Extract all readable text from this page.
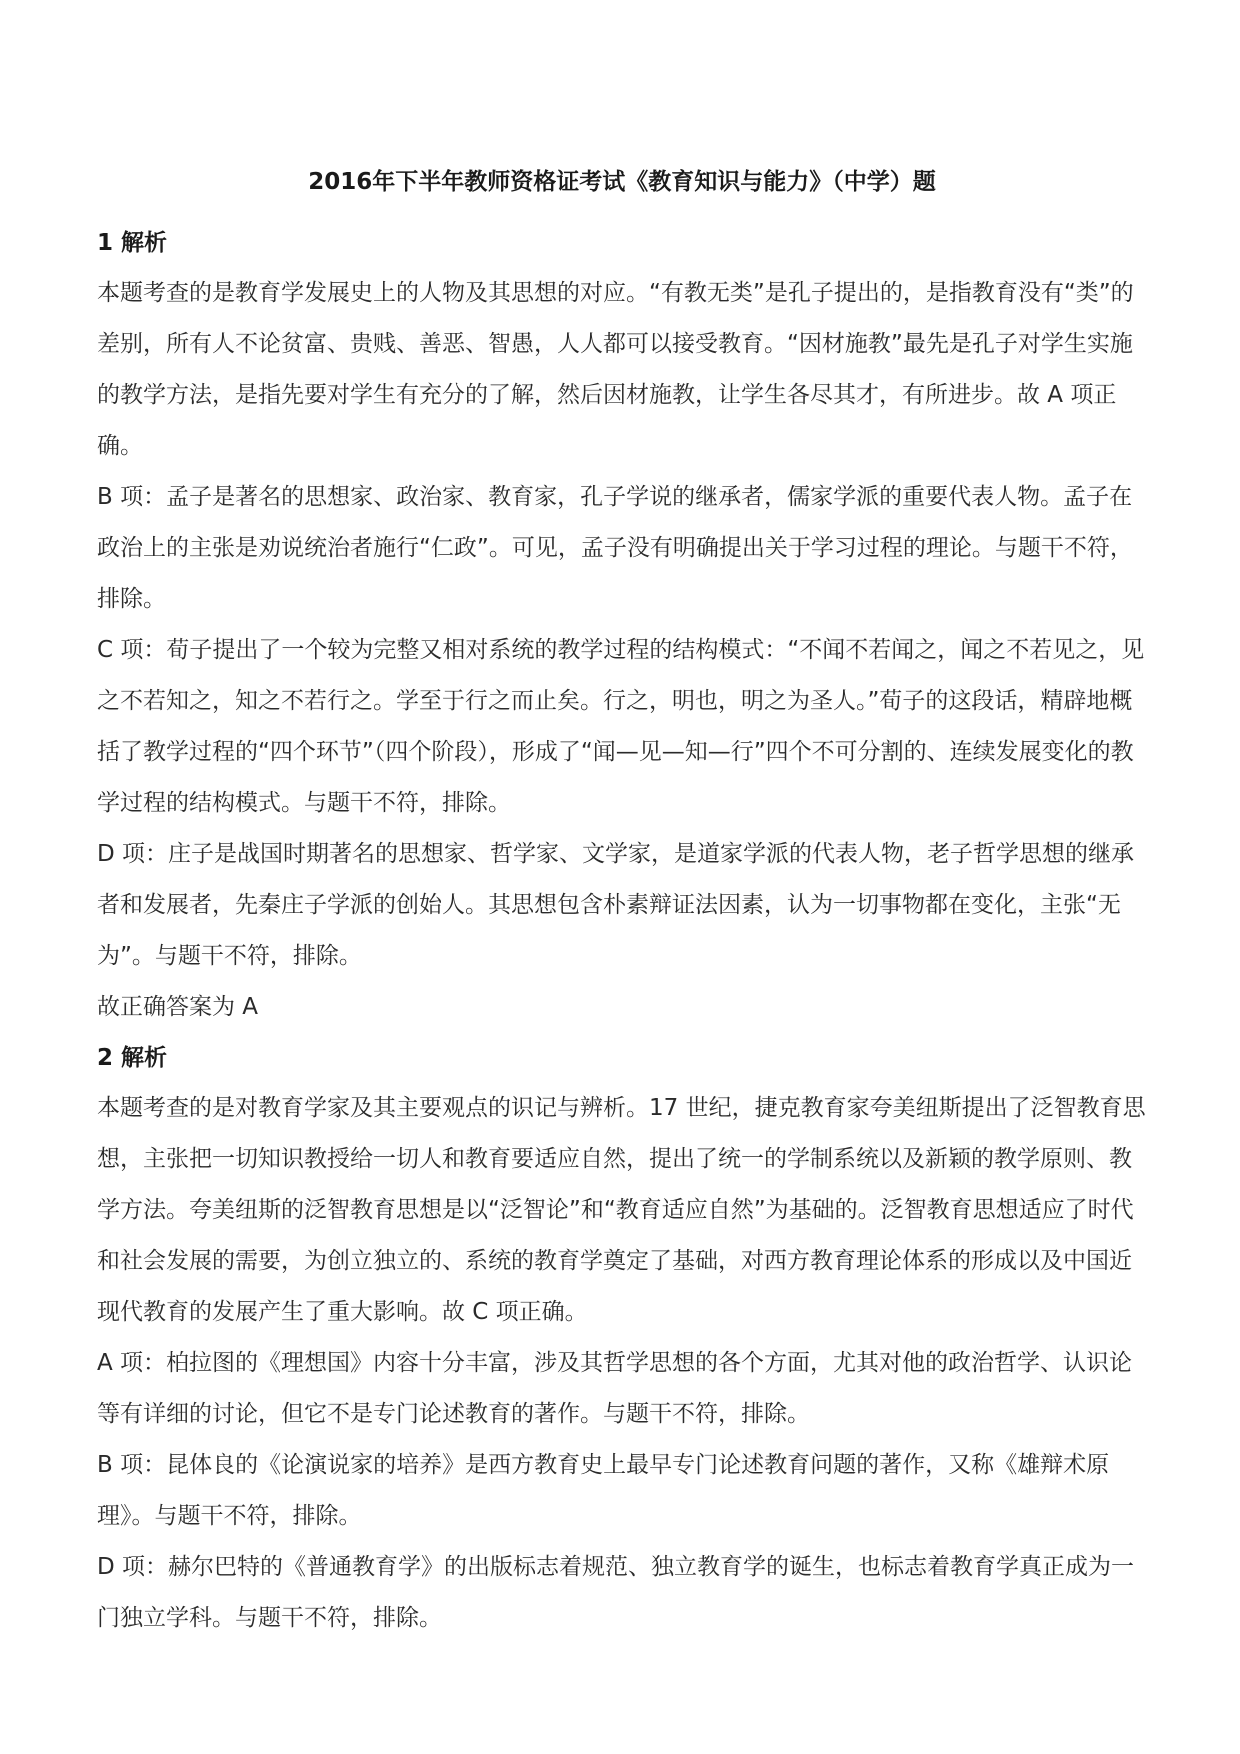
2016年下半年教师资格证考试《教育知识与能力》（中学）题
1 解析

本题考查的是教育学发展史上的人物及其思想的对应。“有教无类”是孔子提出的，是指教育没有“类”的差别，所有人不论贫富、贵贱、善恶、智愚，人人都可以接受教育。“因材施教”最先是孔子对学生实施的教学方法，是指先要对学生有充分的了解，然后因材施教，让学生各尽其才，有所进步。故 A 项正确。

B 项：孟子是著名的思想家、政治家、教育家，孔子学说的继承者，儒家学派的重要代表人物。孟子在政治上的主张是劝说统治者施行“仁政”。可见，孟子没有明确提出关于学习过程的理论。与题干不符，排除。

C 项：荀子提出了一个较为完整又相对系统的教学过程的结构模式：“不闻不若闻之，闻之不若见之，见之不若知之，知之不若行之。学至于行之而止矣。行之，明也，明之为圣人。”荀子的这段话，精辟地概括了教学过程的“四个环节”（四个阶段），形成了“闻—见—知—行”四个不可分割的、连续发展变化的教学过程的结构模式。与题干不符，排除。

D 项：庄子是战国时期著名的思想家、哲学家、文学家，是道家学派的代表人物，老子哲学思想的继承者和发展者，先秦庄子学派的创始人。其思想包含朴素辩证法因素，认为一切事物都在变化，主张“无为”。与题干不符，排除。

故正确答案为 A

2 解析

本题考查的是对教育学家及其主要观点的识记与辨析。17 世纪，捷克教育家夸美纽斯提出了泛智教育思想，主张把一切知识教授给一切人和教育要适应自然，提出了统一的学制系统以及新颖的教学原则、教学方法。夸美纽斯的泛智教育思想是以“泛智论”和“教育适应自然”为基础的。泛智教育思想适应了时代和社会发展的需要，为创立独立的、系统的教育学奠定了基础，对西方教育理论体系的形成以及中国近现代教育的发展产生了重大影响。故 C 项正确。

A 项：柏拉图的《理想国》内容十分丰富，涉及其哲学思想的各个方面，尤其对他的政治哲学、认识论等有详细的讨论，但它不是专门论述教育的著作。与题干不符，排除。

B 项：昆体良的《论演说家的培养》是西方教育史上最早专门论述教育问题的著作，又称《雄辩术原理》。与题干不符，排除。

D 项：赫尔巴特的《普通教育学》的出版标志着规范、独立教育学的诞生，也标志着教育学真正成为一门独立学科。与题干不符，排除。
